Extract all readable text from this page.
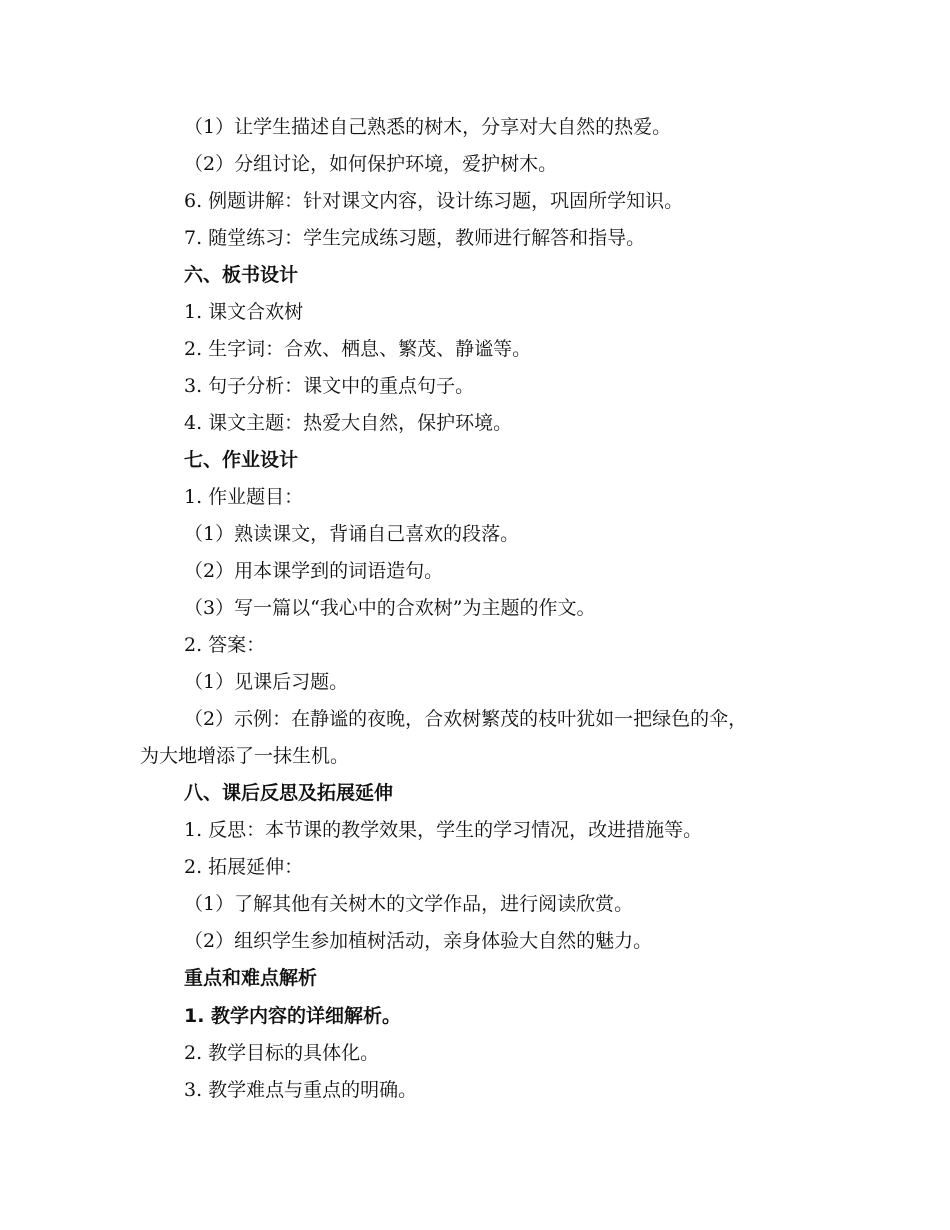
（1）让学生描述自己熟悉的树木，分享对大自然的热爱。
（2）分组讨论，如何保护环境，爱护树木。
6. 例题讲解：针对课文内容，设计练习题，巩固所学知识。
7. 随堂练习：学生完成练习题，教师进行解答和指导。
六、板书设计
1. 课文合欢树
2. 生字词：合欢、栖息、繁茂、静谧等。
3. 句子分析：课文中的重点句子。
4. 课文主题：热爱大自然，保护环境。
七、作业设计
1. 作业题目：
（1）熟读课文，背诵自己喜欢的段落。
（2）用本课学到的词语造句。
（3）写一篇以“我心中的合欢树”为主题的作文。
2. 答案：
（1）见课后习题。
（2）示例：在静谧的夜晚，合欢树繁茂的枝叶犹如一把绿色的伞，
为大地增添了一抹生机。
八、课后反思及拓展延伸
1. 反思：本节课的教学效果，学生的学习情况，改进措施等。
2. 拓展延伸：
（1）了解其他有关树木的文学作品，进行阅读欣赏。
（2）组织学生参加植树活动，亲身体验大自然的魅力。
重点和难点解析
1. 教学内容的详细解析。
2. 教学目标的具体化。
3. 教学难点与重点的明确。
